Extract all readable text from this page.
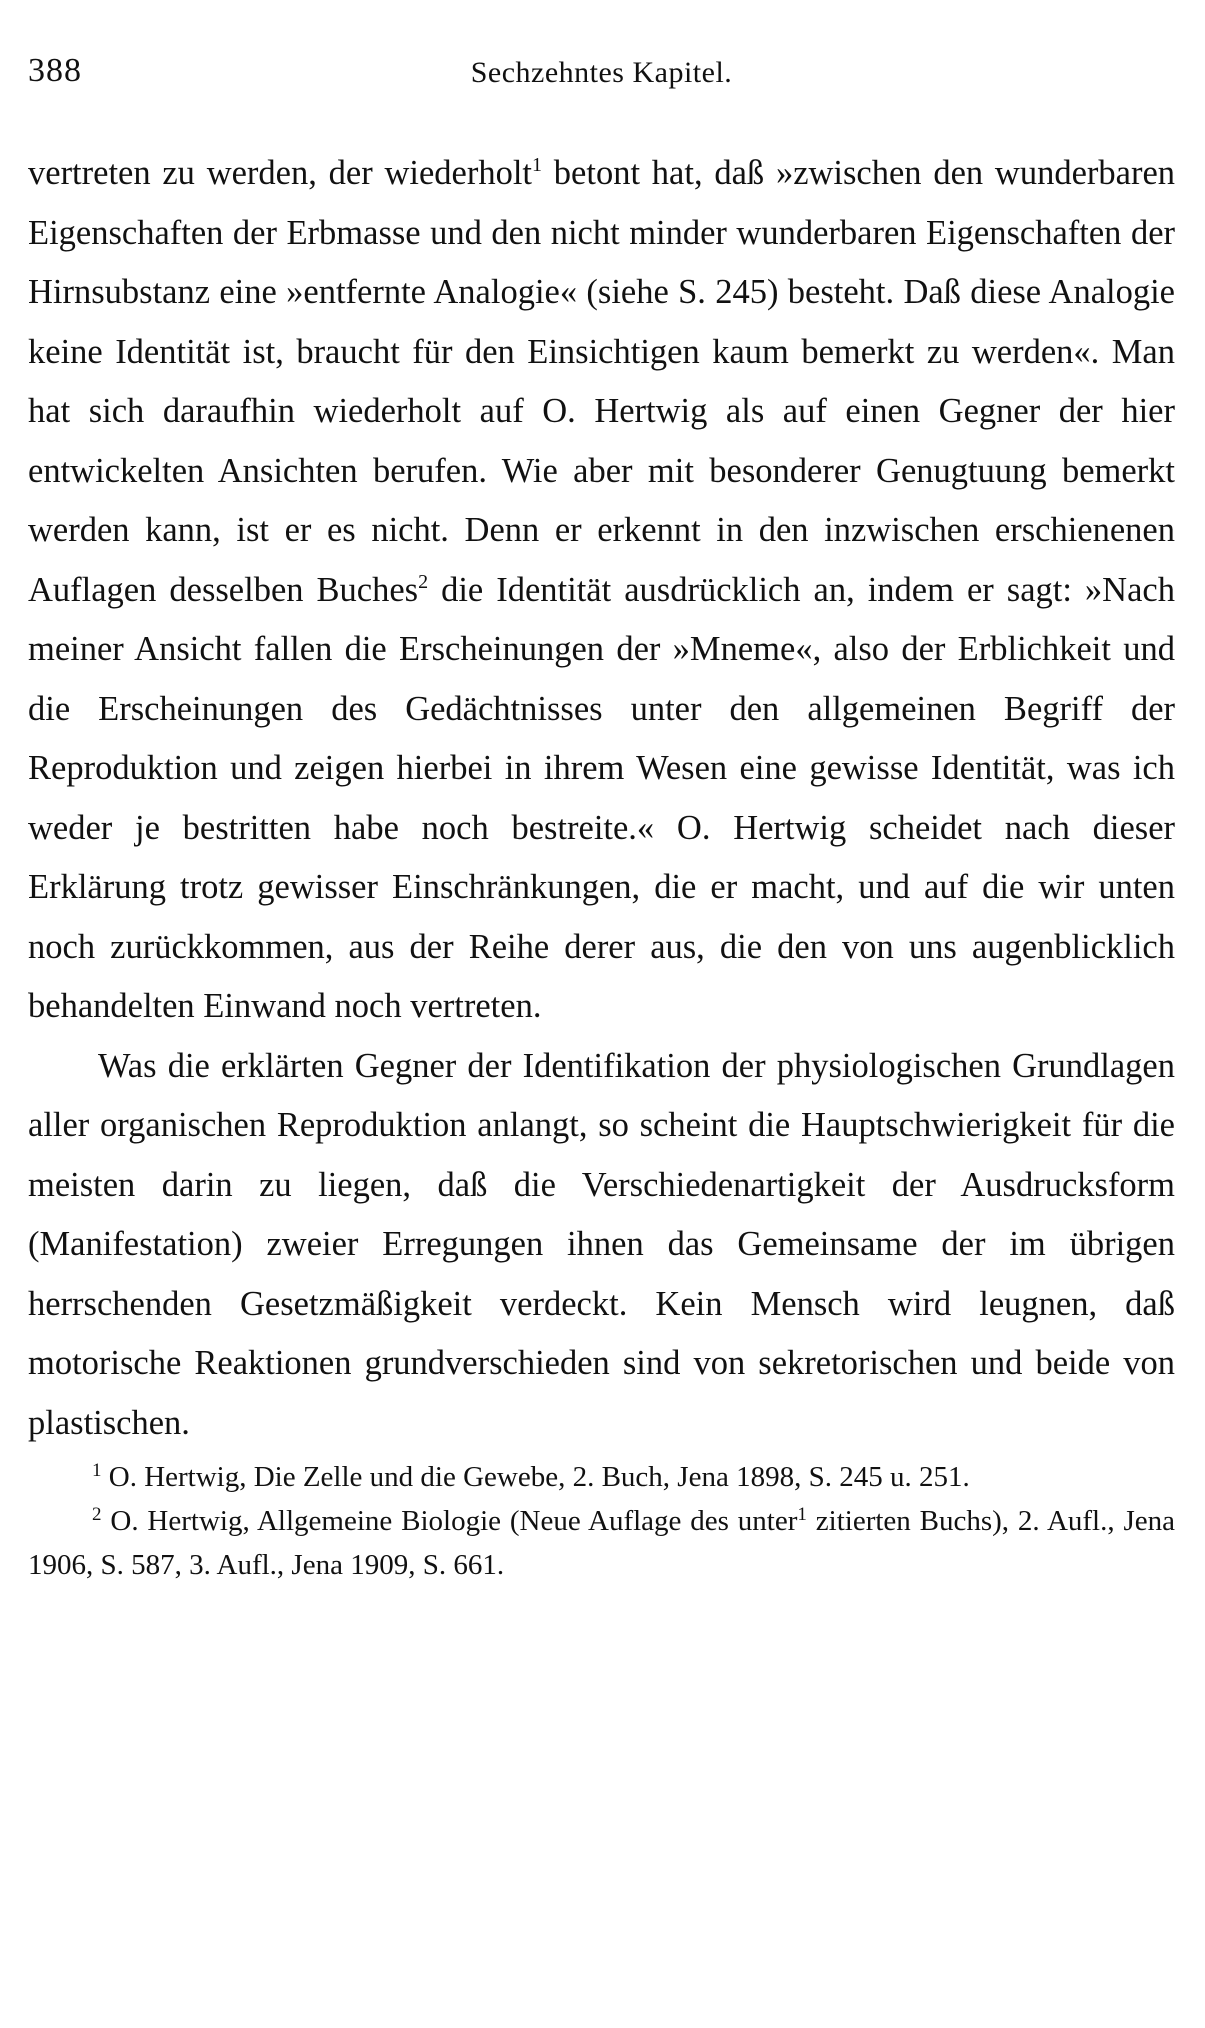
388	Sechzehntes Kapitel.

vertreten zu werden, der wiederholt$^1$ betont hat, daß »zwischen den wunderbaren Eigenschaften der Erbmasse und den nicht minder wunderbaren Eigenschaften der Hirnsubstanz eine »entfernte Analogie« (siehe S. 245) besteht. Daß diese Analogie keine Identität ist, braucht für den Einsichtigen kaum bemerkt zu werden«. Man hat sich daraufhin wiederholt auf O. Hertwig als auf einen Gegner der hier entwickelten Ansichten berufen. Wie aber mit besonderer Genugtuung bemerkt werden kann, ist er es nicht. Denn er erkennt in den inzwischen erschienenen Auflagen desselben Buches$^2$ die Identität ausdrücklich an, indem er sagt: »Nach meiner Ansicht fallen die Erscheinungen der »Mneme«, also der Erblichkeit und die Erscheinungen des Gedächtnisses unter den allgemeinen Begriff der Reproduktion und zeigen hierbei in ihrem Wesen eine gewisse Identität, was ich weder je bestritten habe noch bestreite.« O. Hertwig scheidet nach dieser Erklärung trotz gewisser Einschränkungen, die er macht, und auf die wir unten noch zurückkommen, aus der Reihe derer aus, die den von uns augenblicklich behandelten Einwand noch vertreten.

Was die erklärten Gegner der Identifikation der physiologischen Grundlagen aller organischen Reproduktion anlangt, so scheint die Hauptschwierigkeit für die meisten darin zu liegen, daß die Verschiedenartigkeit der Ausdrucksform (Manifestation) zweier Erregungen ihnen das Gemeinsame der im übrigen herrschenden Gesetzmäßigkeit verdeckt. Kein Mensch wird leugnen, daß motorische Reaktionen grundverschieden sind von sekretorischen und beide von plastischen.

$^1$ O. Hertwig, Die Zelle und die Gewebe, 2. Buch, Jena 1898, S. 245 u. 251.

$^2$ O. Hertwig, Allgemeine Biologie (Neue Auflage des unter$^1$ zitierten Buchs), 2. Aufl., Jena 1906, S. 587, 3. Aufl., Jena 1909, S. 661.
